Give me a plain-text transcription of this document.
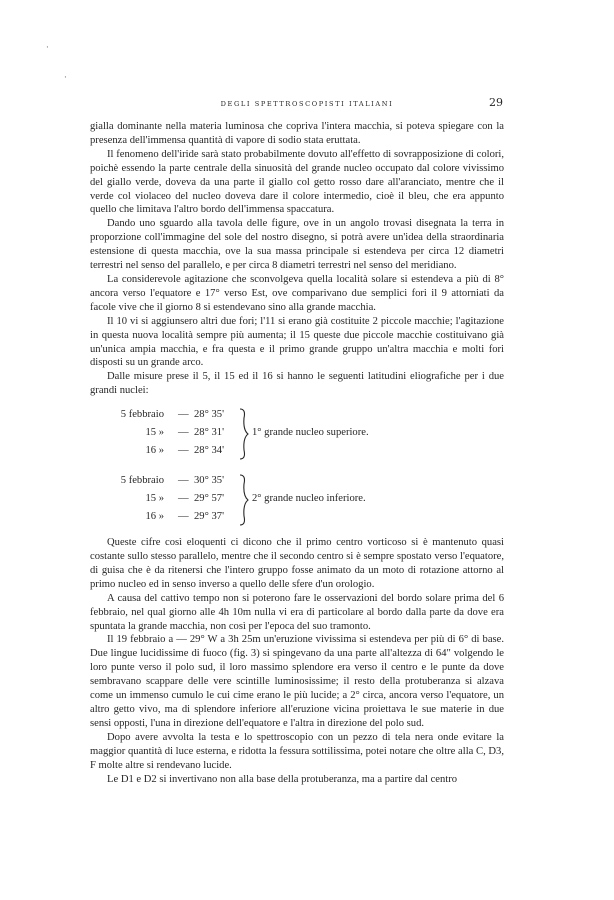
·
·
DEGLI SPETTROSCOPISTI ITALIANI	29

gialla dominante nella materia luminosa che copriva l'intera macchia, si poteva spiegare con la presenza dell'immensa quantità di vapore di sodio stata eruttata.

Il fenomeno dell'iride sarà stato probabilmente dovuto all'effetto di sovrapposizione di colori, poichè essendo la parte centrale della sinuosità del grande nucleo occupato dal colore vivissimo del giallo verde, doveva da una parte il giallo col getto rosso dare all'aranciato, mentre che il verde col violaceo del nucleo doveva dare il colore intermedio, cioè il bleu, che era appunto quello che limitava l'altro bordo dell'immensa spaccatura.

Dando uno sguardo alla tavola delle figure, ove in un angolo trovasi disegnata la terra in proporzione coll'immagine del sole del nostro disegno, si potrà avere un'idea della straordinaria estensione di questa macchia, ove la sua massa principale si estendeva per circa 12 diametri terrestri nel senso del parallelo, e per circa 8 diametri terrestri nel senso del meridiano.

La considerevole agitazione che sconvolgeva quella località solare si estendeva a più di 8° ancora verso l'equatore e 17° verso Est, ove comparivano due semplici fori il 9 attorniati da facole vive che il giorno 8 si estendevano sino alla grande macchia.

Il 10 vi si aggiunsero altri due fori; l'11 si erano già costituite 2 piccole macchie; l'agitazione in questa nuova località sempre più aumenta; il 15 queste due piccole macchie costituivano già un'unica ampia macchia, e fra questa e il primo grande gruppo un'altra macchia e molti fori disposti su un grande arco.

Dalle misure prese il 5, il 15 ed il 16 si hanno le seguenti latitudini eliografiche per i due grandi nuclei:

5 febbraio — 28° 35'
15 » — 28° 31'
16 » — 28° 34'
1° grande nucleo superiore.
5 febbraio — 30° 35'
15 » — 29° 57'
16 » — 29° 37'
2° grande nucleo inferiore.

Queste cifre così eloquenti ci dicono che il primo centro vorticoso si è mantenuto quasi costante sullo stesso parallelo, mentre che il secondo centro si è sempre spostato verso l'equatore, di guisa che è da ritenersi che l'intero gruppo fosse animato da un moto di rotazione attorno al primo nucleo ed in senso inverso a quello delle sfere d'un orologio.

A causa del cattivo tempo non si poterono fare le osservazioni del bordo solare prima del 6 febbraio, nel qual giorno alle 4h 10m nulla vi era di particolare al bordo dalla parte da dove era spuntata la grande macchia, non così per l'epoca del suo tramonto.

Il 19 febbraio a — 29° W a 3h 25m un'eruzione vivissima si estendeva per più di 6° di base. Due lingue lucidissime di fuoco (fig. 3) si spingevano da una parte all'altezza di 64" volgendo le loro punte verso il polo sud, il loro massimo splendore era verso il centro e le punte da dove sembravano scappare delle vere scintille luminosissime; il resto della protuberanza si alzava come un immenso cumulo le cui cime erano le più lucide; a 2° circa, ancora verso l'equatore, un altro getto vivo, ma di splendore inferiore all'eruzione vicina proiettava le sue materie in due sensi opposti, l'una in direzione dell'equatore e l'altra in direzione del polo sud.

Dopo avere avvolta la testa e lo spettroscopio con un pezzo di tela nera onde evitare la maggior quantità di luce esterna, e ridotta la fessura sottilissima, potei notare che oltre alla C, D3, F molte altre si rendevano lucide.

Le D1 e D2 si invertivano non alla base della protuberanza, ma a partire dal centro
